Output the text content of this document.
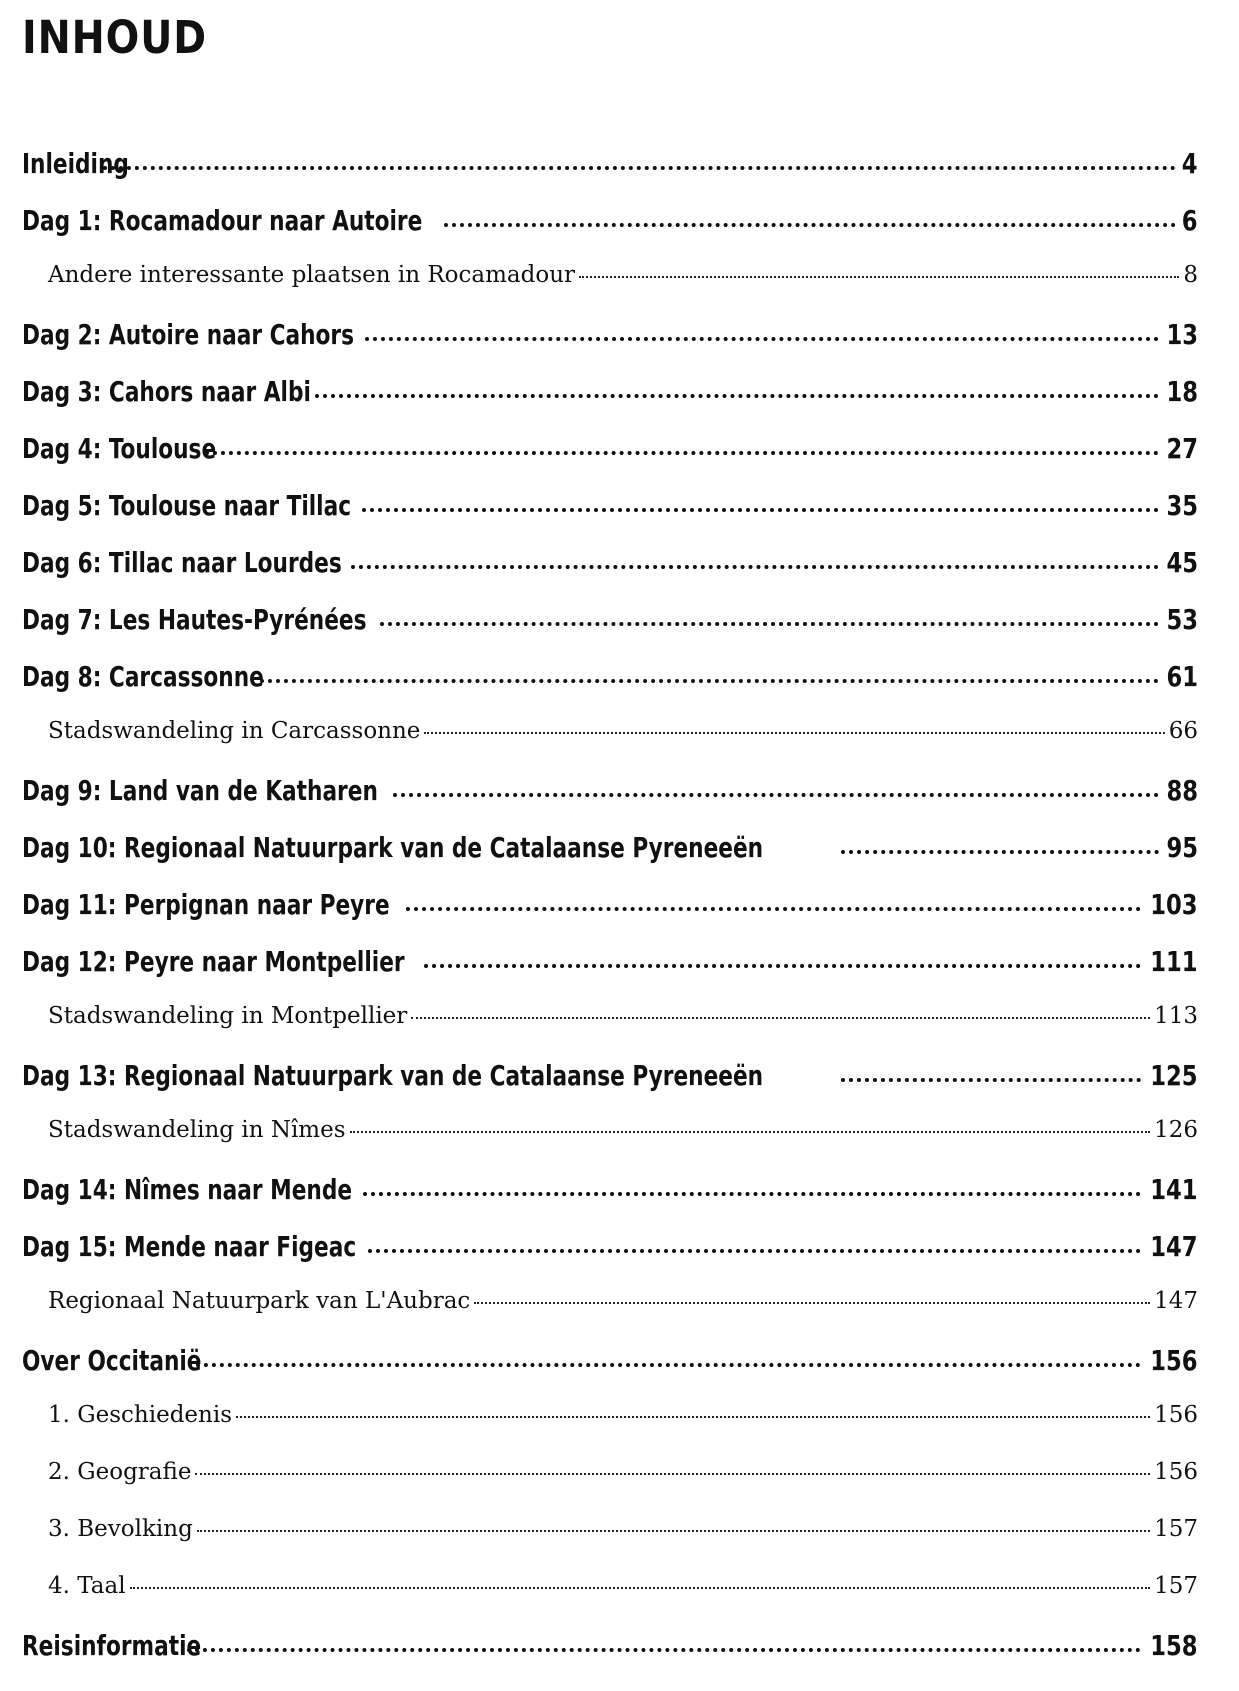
INHOUD
Inleiding	4
Dag 1: Rocamadour naar Autoire	6
Andere interessante plaatsen in Rocamadour	8
Dag 2: Autoire naar Cahors	13
Dag 3: Cahors naar Albi	18
Dag 4: Toulouse	27
Dag 5: Toulouse naar Tillac	35
Dag 6: Tillac naar Lourdes	45
Dag 7: Les Hautes-Pyrénées	53
Dag 8: Carcassonne	61
Stadswandeling in Carcassonne	66
Dag 9: Land van de Katharen	88
Dag 10: Regionaal Natuurpark van de Catalaanse Pyreneeën	95
Dag 11: Perpignan naar Peyre	103
Dag 12: Peyre naar Montpellier	111
Stadswandeling in Montpellier	113
Dag 13: Regionaal Natuurpark van de Catalaanse Pyreneeën	125
Stadswandeling in Nîmes	126
Dag 14: Nîmes naar Mende	141
Dag 15: Mende naar Figeac	147
Regionaal Natuurpark van L'Aubrac	147
Over Occitanië	156
1. Geschiedenis	156
2. Geografie	156
3. Bevolking	157
4. Taal	157
Reisinformatie	158
